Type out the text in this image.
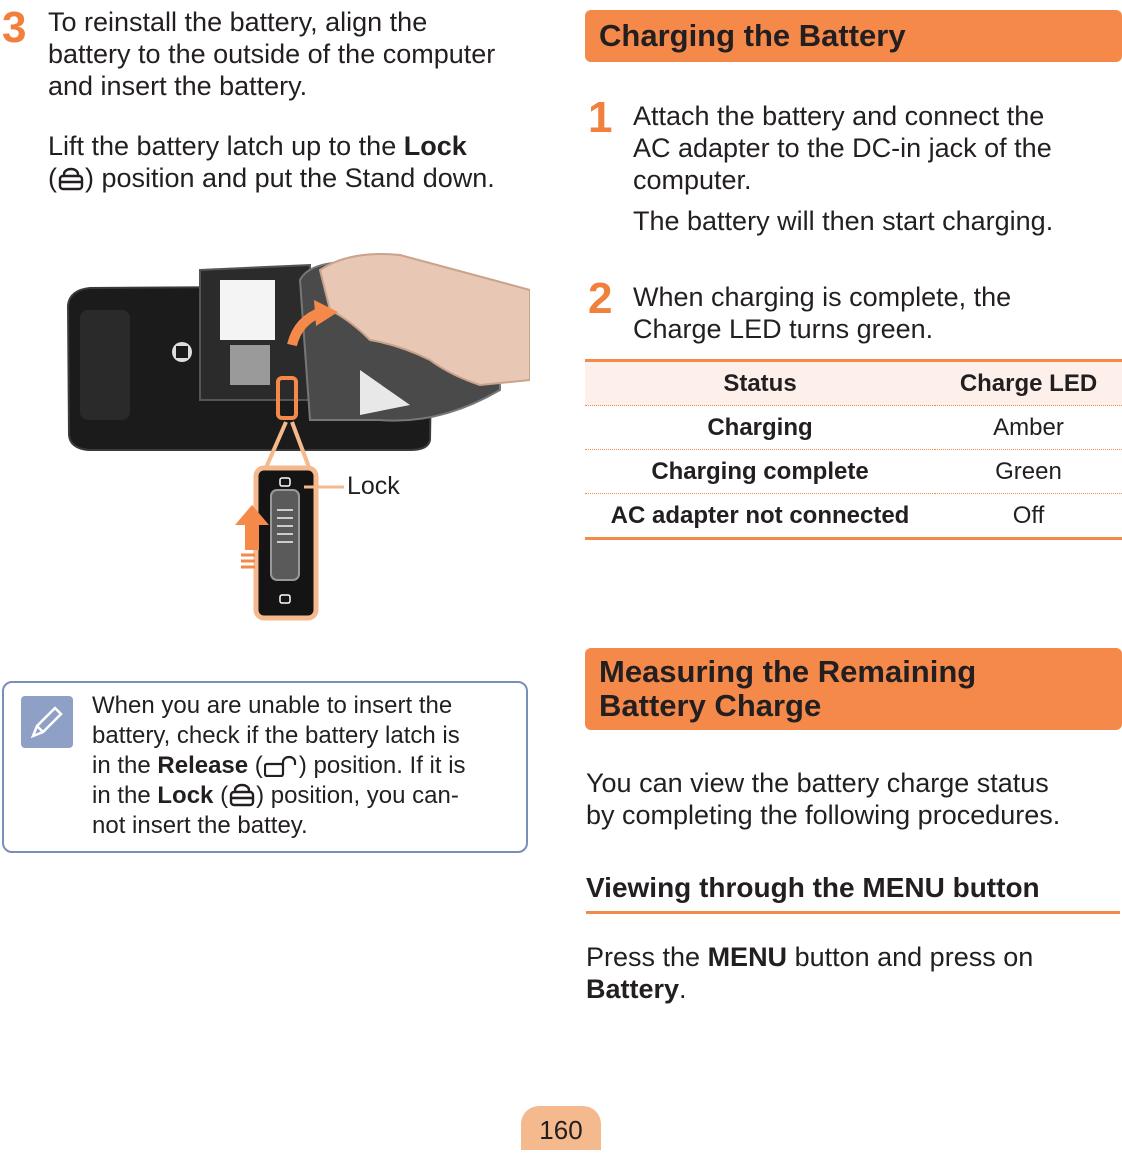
3 To reinstall the battery, align the
battery to the outside of the computer
and insert the battery.
Lift the battery latch up to the Lock
( ) position and put the Stand down.
Lock
When you are unable to insert the
battery, check if the battery latch is
in the Release ( ) position. If it is
in the Lock ( ) position, you can-
not insert the battey.
Charging the Battery
1 Attach the battery and connect the
AC adapter to the DC-in jack of the
computer.
The battery will then start charging.
2 When charging is complete, the
Charge LED turns green.
Status	Charge LED
Charging	Amber
Charging complete	Green
AC adapter not connected	Off
Measuring the Remaining
Battery Charge
You can view the battery charge status
by completing the following procedures.
Viewing through the MENU button
Press the MENU button and press on
Battery.
160
